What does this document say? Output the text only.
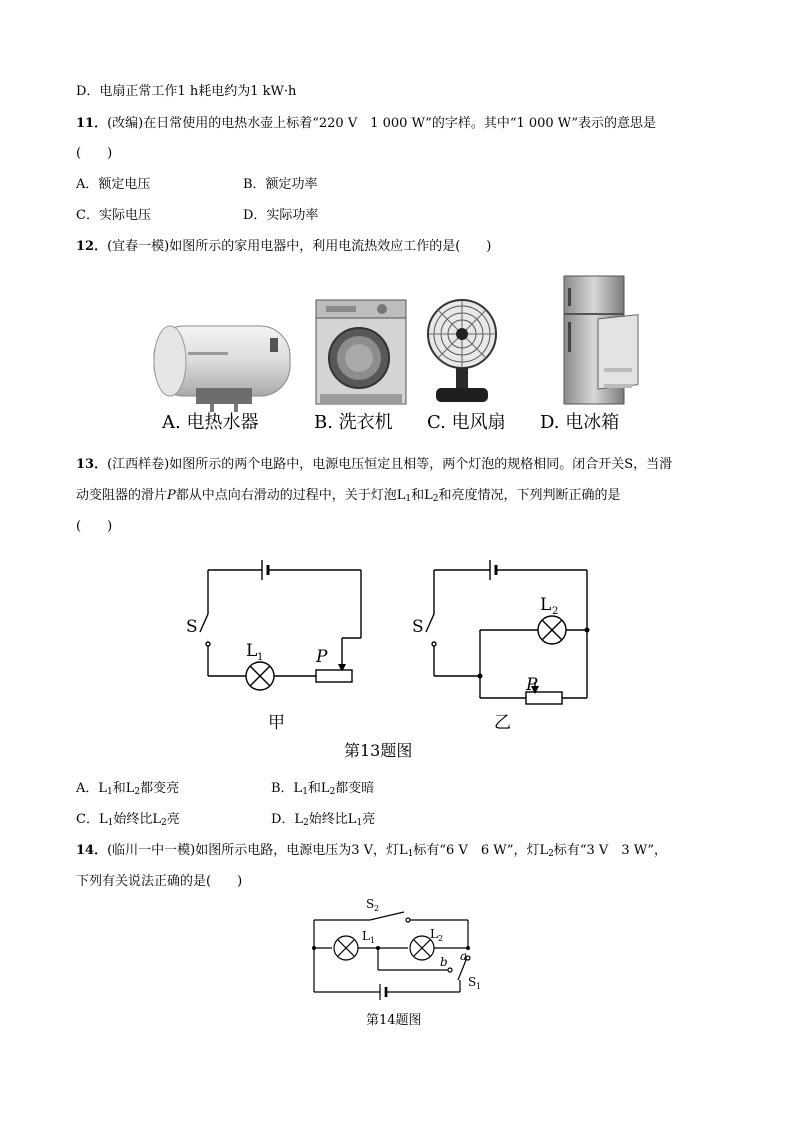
D．电扇正常工作1 h耗电约为1 kW·h
11．(改编)在日常使用的电热水壶上标着“220 V　1 000 W”的字样。其中“1 000 W”表示的意思是
(　　)
A．额定电压	B．额定功率
C．实际电压	D．实际功率
12．(宜春一模)如图所示的家用电器中，利用电流热效应工作的是(　　)
A. 电热水器	B. 洗衣机 C. 电风扇 D. 电冰箱
13．(江西样卷)如图所示的两个电路中，电源电压恒定且相等，两个灯泡的规格相同。闭合开关S，当滑
动变阻器的滑片P都从中点向右滑动的过程中，关于灯泡$L_1$和$L_2$和亮度情况，下列判断正确的是
(　　)
S
L 1	P
S
L 2
P
甲	乙
第13题图
A．$L_1$和$L_2$都变亮	B．$L_1$和$L_2$都变暗
C．$L_1$始终比$L_2$亮	D．$L_2$始终比$L_1$亮
14．(临川一中一模)如图所示电路，电源电压为3 V，灯$L_1$标有“6 V　6 W”，灯$L_2$标有“3 V　3 W”，
下列有关说法正确的是(　　)
S 2
L 1	L 2
b a
S 1
第14题图
